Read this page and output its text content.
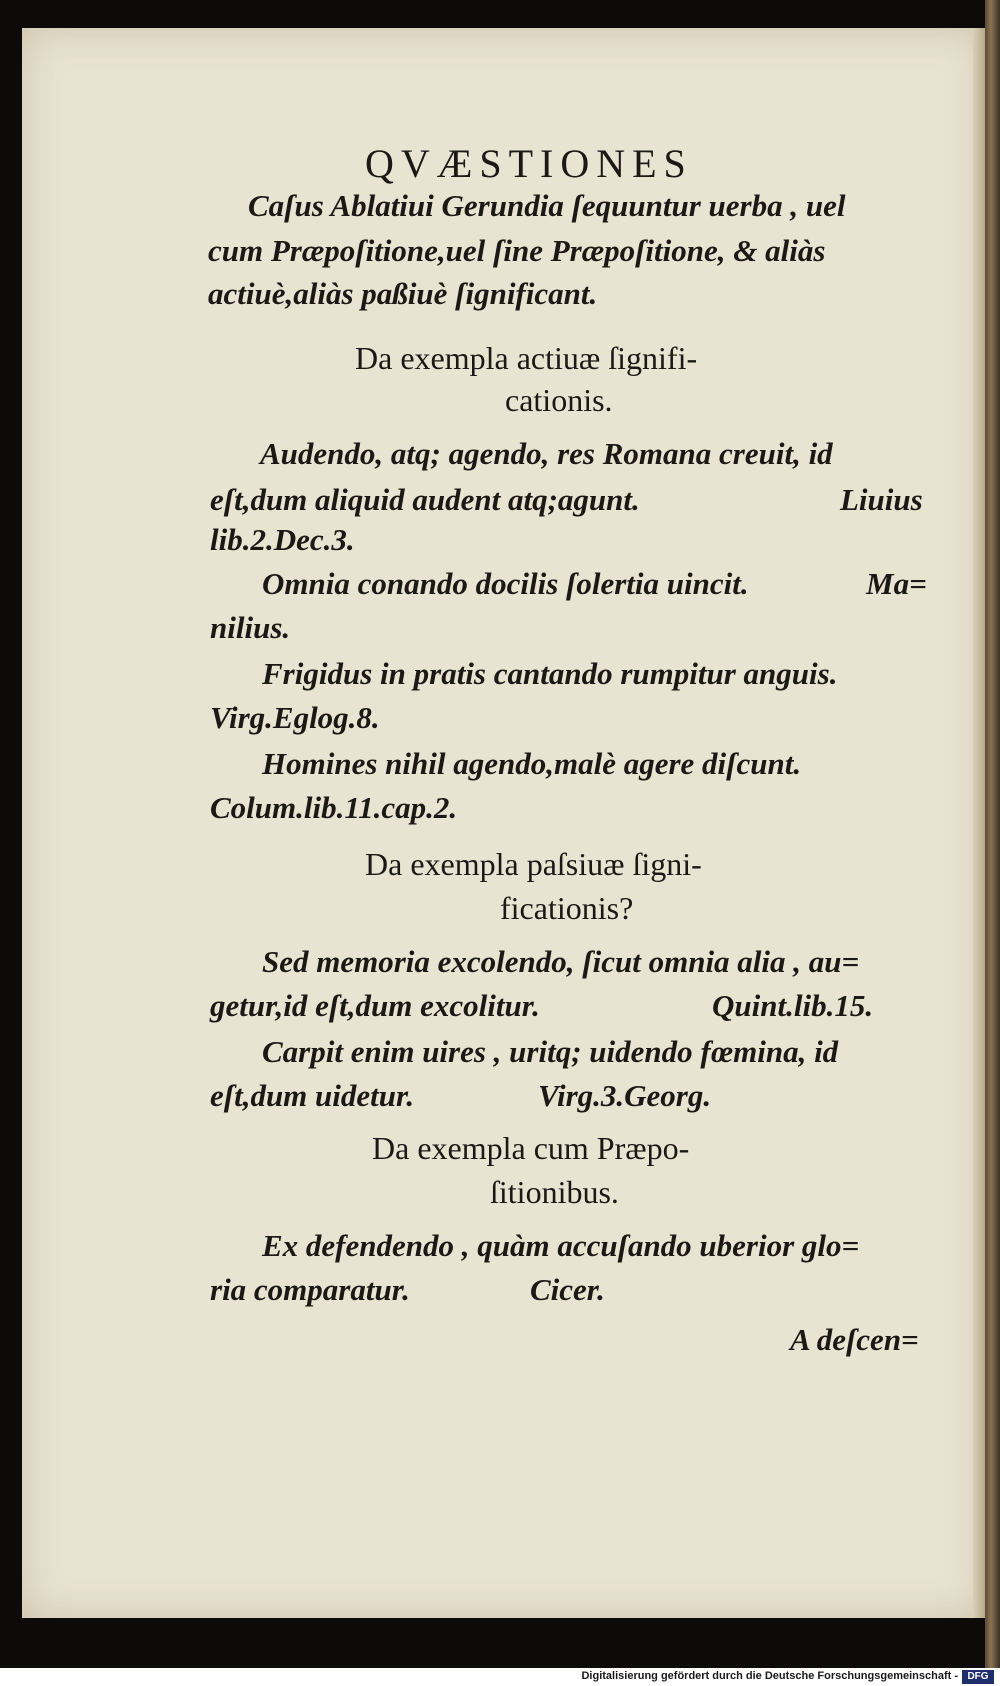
QVÆSTIONES
Caſus Ablatiui Gerundia ſequuntur uerba , uel
cum Præpoſitione,uel ſine Præpoſitione, & aliàs
actiuè,aliàs paßiuè ſignificant.
Da exempla actiuæ ſignifi-
cationis.
Audendo, atq; agendo, res Romana creuit, id
eſt,dum aliquid audent atq;agunt.	Liuius
lib.2.Dec.3.
Omnia conando docilis ſolertia uincit.	Ma=
nilius.
Frigidus in pratis cantando rumpitur anguis.
Virg.Eglog.8.
Homines nihil agendo,malè agere diſcunt.
Colum.lib.11.cap.2.
Da exempla paſsiuæ ſigni-
ficationis?
Sed memoria excolendo, ſicut omnia alia , au=
getur,id eſt,dum excolitur.	Quint.lib.15.
Carpit enim uires , uritq; uidendo fœmina, id
eſt,dum uidetur.	Virg.3.Georg.
Da exempla cum Præpo-
ſitionibus.
Ex defendendo , quàm accuſando uberior glo=
ria comparatur.	Cicer.
A deſcen=
Digitalisierung gefördert durch die Deutsche Forschungsgemeinschaft - DFG
